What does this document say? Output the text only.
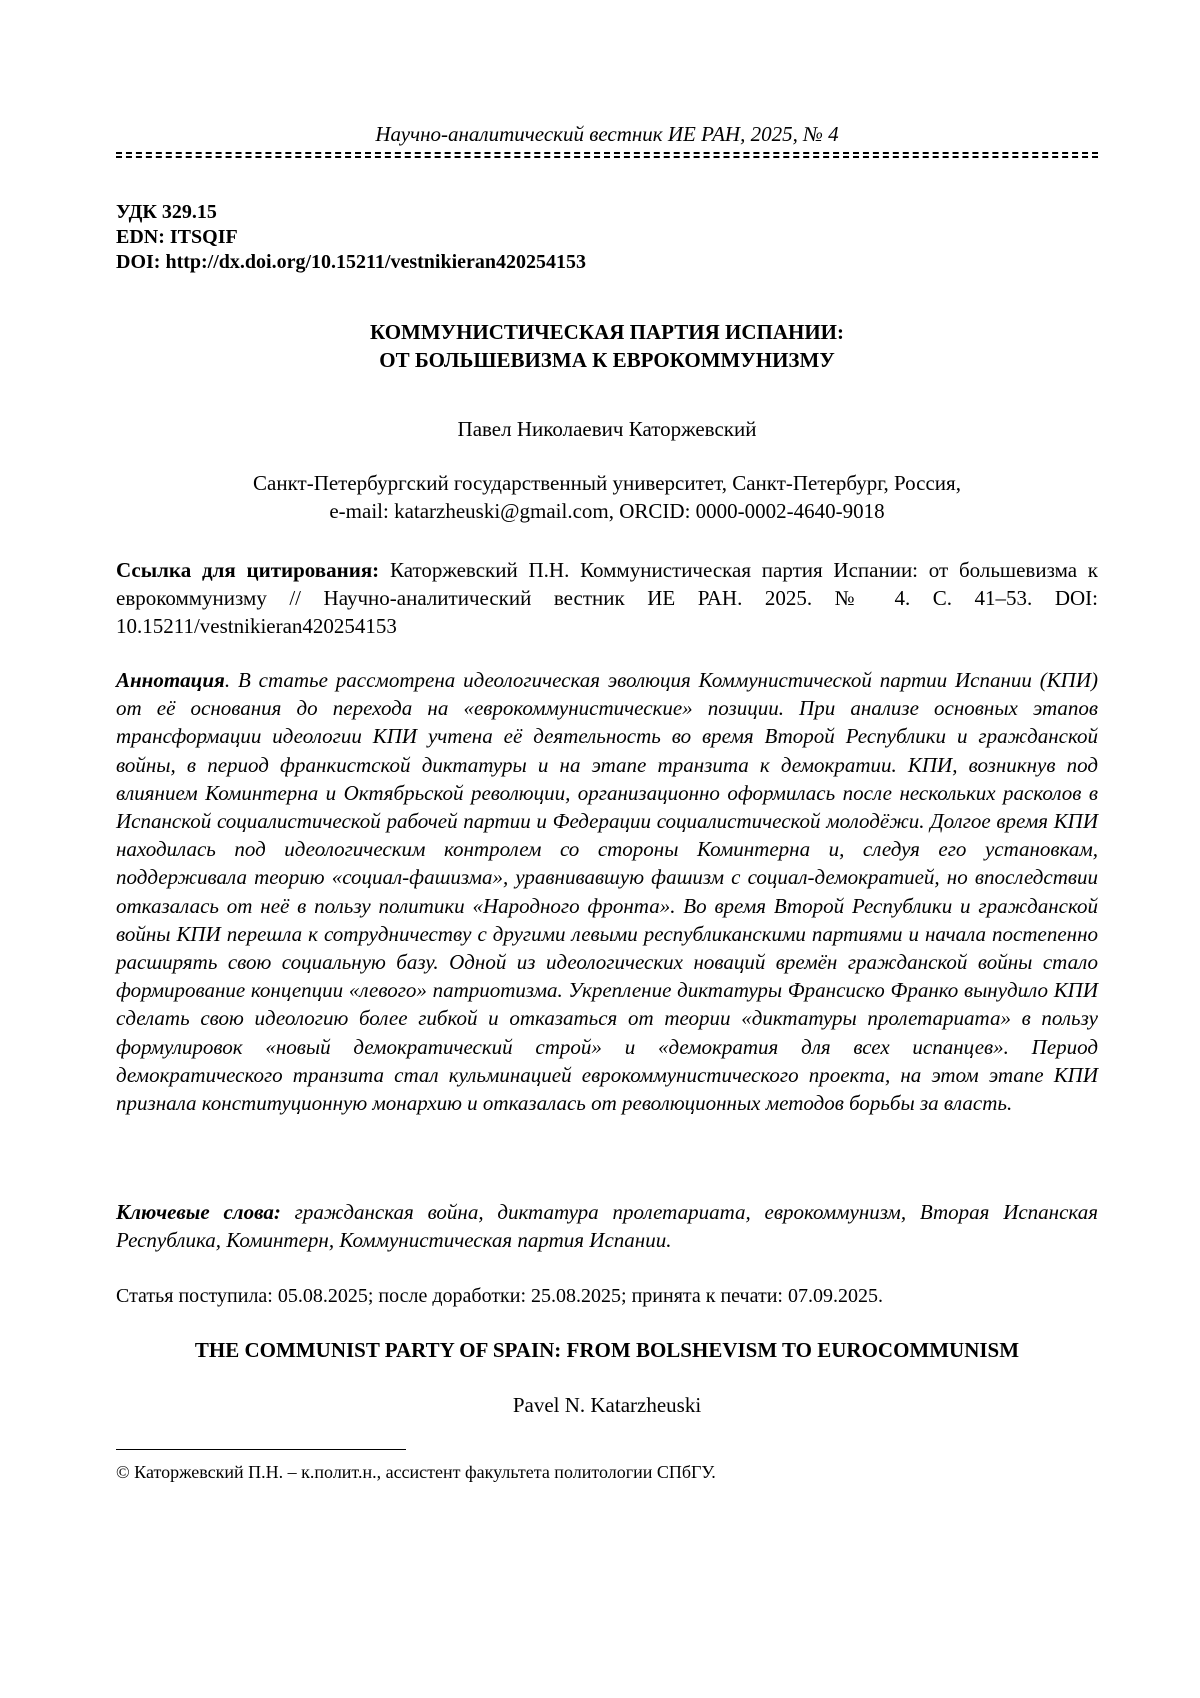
Научно-аналитический вестник ИЕ РАН, 2025, № 4
УДК 329.15
EDN: ITSQIF
DOI: http://dx.doi.org/10.15211/vestnikieran420254153
КОММУНИСТИЧЕСКАЯ ПАРТИЯ ИСПАНИИ:
ОТ БОЛЬШЕВИЗМА К ЕВРОКОММУНИЗМУ
Павел Николаевич Каторжевский
Санкт-Петербургский государственный университет, Санкт-Петербург, Россия,
e-mail: katarzheuski@gmail.com, ORCID: 0000-0002-4640-9018
Ссылка для цитирования: Каторжевский П.Н. Коммунистическая партия Испании: от большевизма к еврокоммунизму // Научно-аналитический вестник ИЕ РАН. 2025. № 4. С. 41–53. DOI: 10.15211/vestnikieran420254153
Аннотация. В статье рассмотрена идеологическая эволюция Коммунистической партии Испании (КПИ) от её основания до перехода на «еврокоммунистические» позиции. При анализе основных этапов трансформации идеологии КПИ учтена её деятельность во время Второй Республики и гражданской войны, в период франкистской диктатуры и на этапе транзита к демократии. КПИ, возникнув под влиянием Коминтерна и Октябрьской революции, организационно оформилась после нескольких расколов в Испанской социалистической рабочей партии и Федерации социалистической молодёжи. Долгое время КПИ находилась под идеологическим контролем со стороны Коминтерна и, следуя его установкам, поддерживала теорию «социал-фашизма», уравнивавшую фашизм с социал-демократией, но впоследствии отказалась от неё в пользу политики «Народного фронта». Во время Второй Республики и гражданской войны КПИ перешла к сотрудничеству с другими левыми республиканскими партиями и начала постепенно расширять свою социальную базу. Одной из идеологических новаций времён гражданской войны стало формирование концепции «левого» патриотизма. Укрепление диктатуры Франсиско Франко вынудило КПИ сделать свою идеологию более гибкой и отказаться от теории «диктатуры пролетариата» в пользу формулировок «новый демократический строй» и «демократия для всех испанцев». Период демократического транзита стал кульминацией еврокоммунистического проекта, на этом этапе КПИ признала конституционную монархию и отказалась от революционных методов борьбы за власть.
Ключевые слова: гражданская война, диктатура пролетариата, еврокоммунизм, Вторая Испанская Республика, Коминтерн, Коммунистическая партия Испании.
Статья поступила: 05.08.2025; после доработки: 25.08.2025; принята к печати: 07.09.2025.
THE COMMUNIST PARTY OF SPAIN: FROM BOLSHEVISM TO EUROCOMMUNISM
Pavel N. Katarzheuski
© Каторжевский П.Н. – к.полит.н., ассистент факультета политологии СПбГУ.
